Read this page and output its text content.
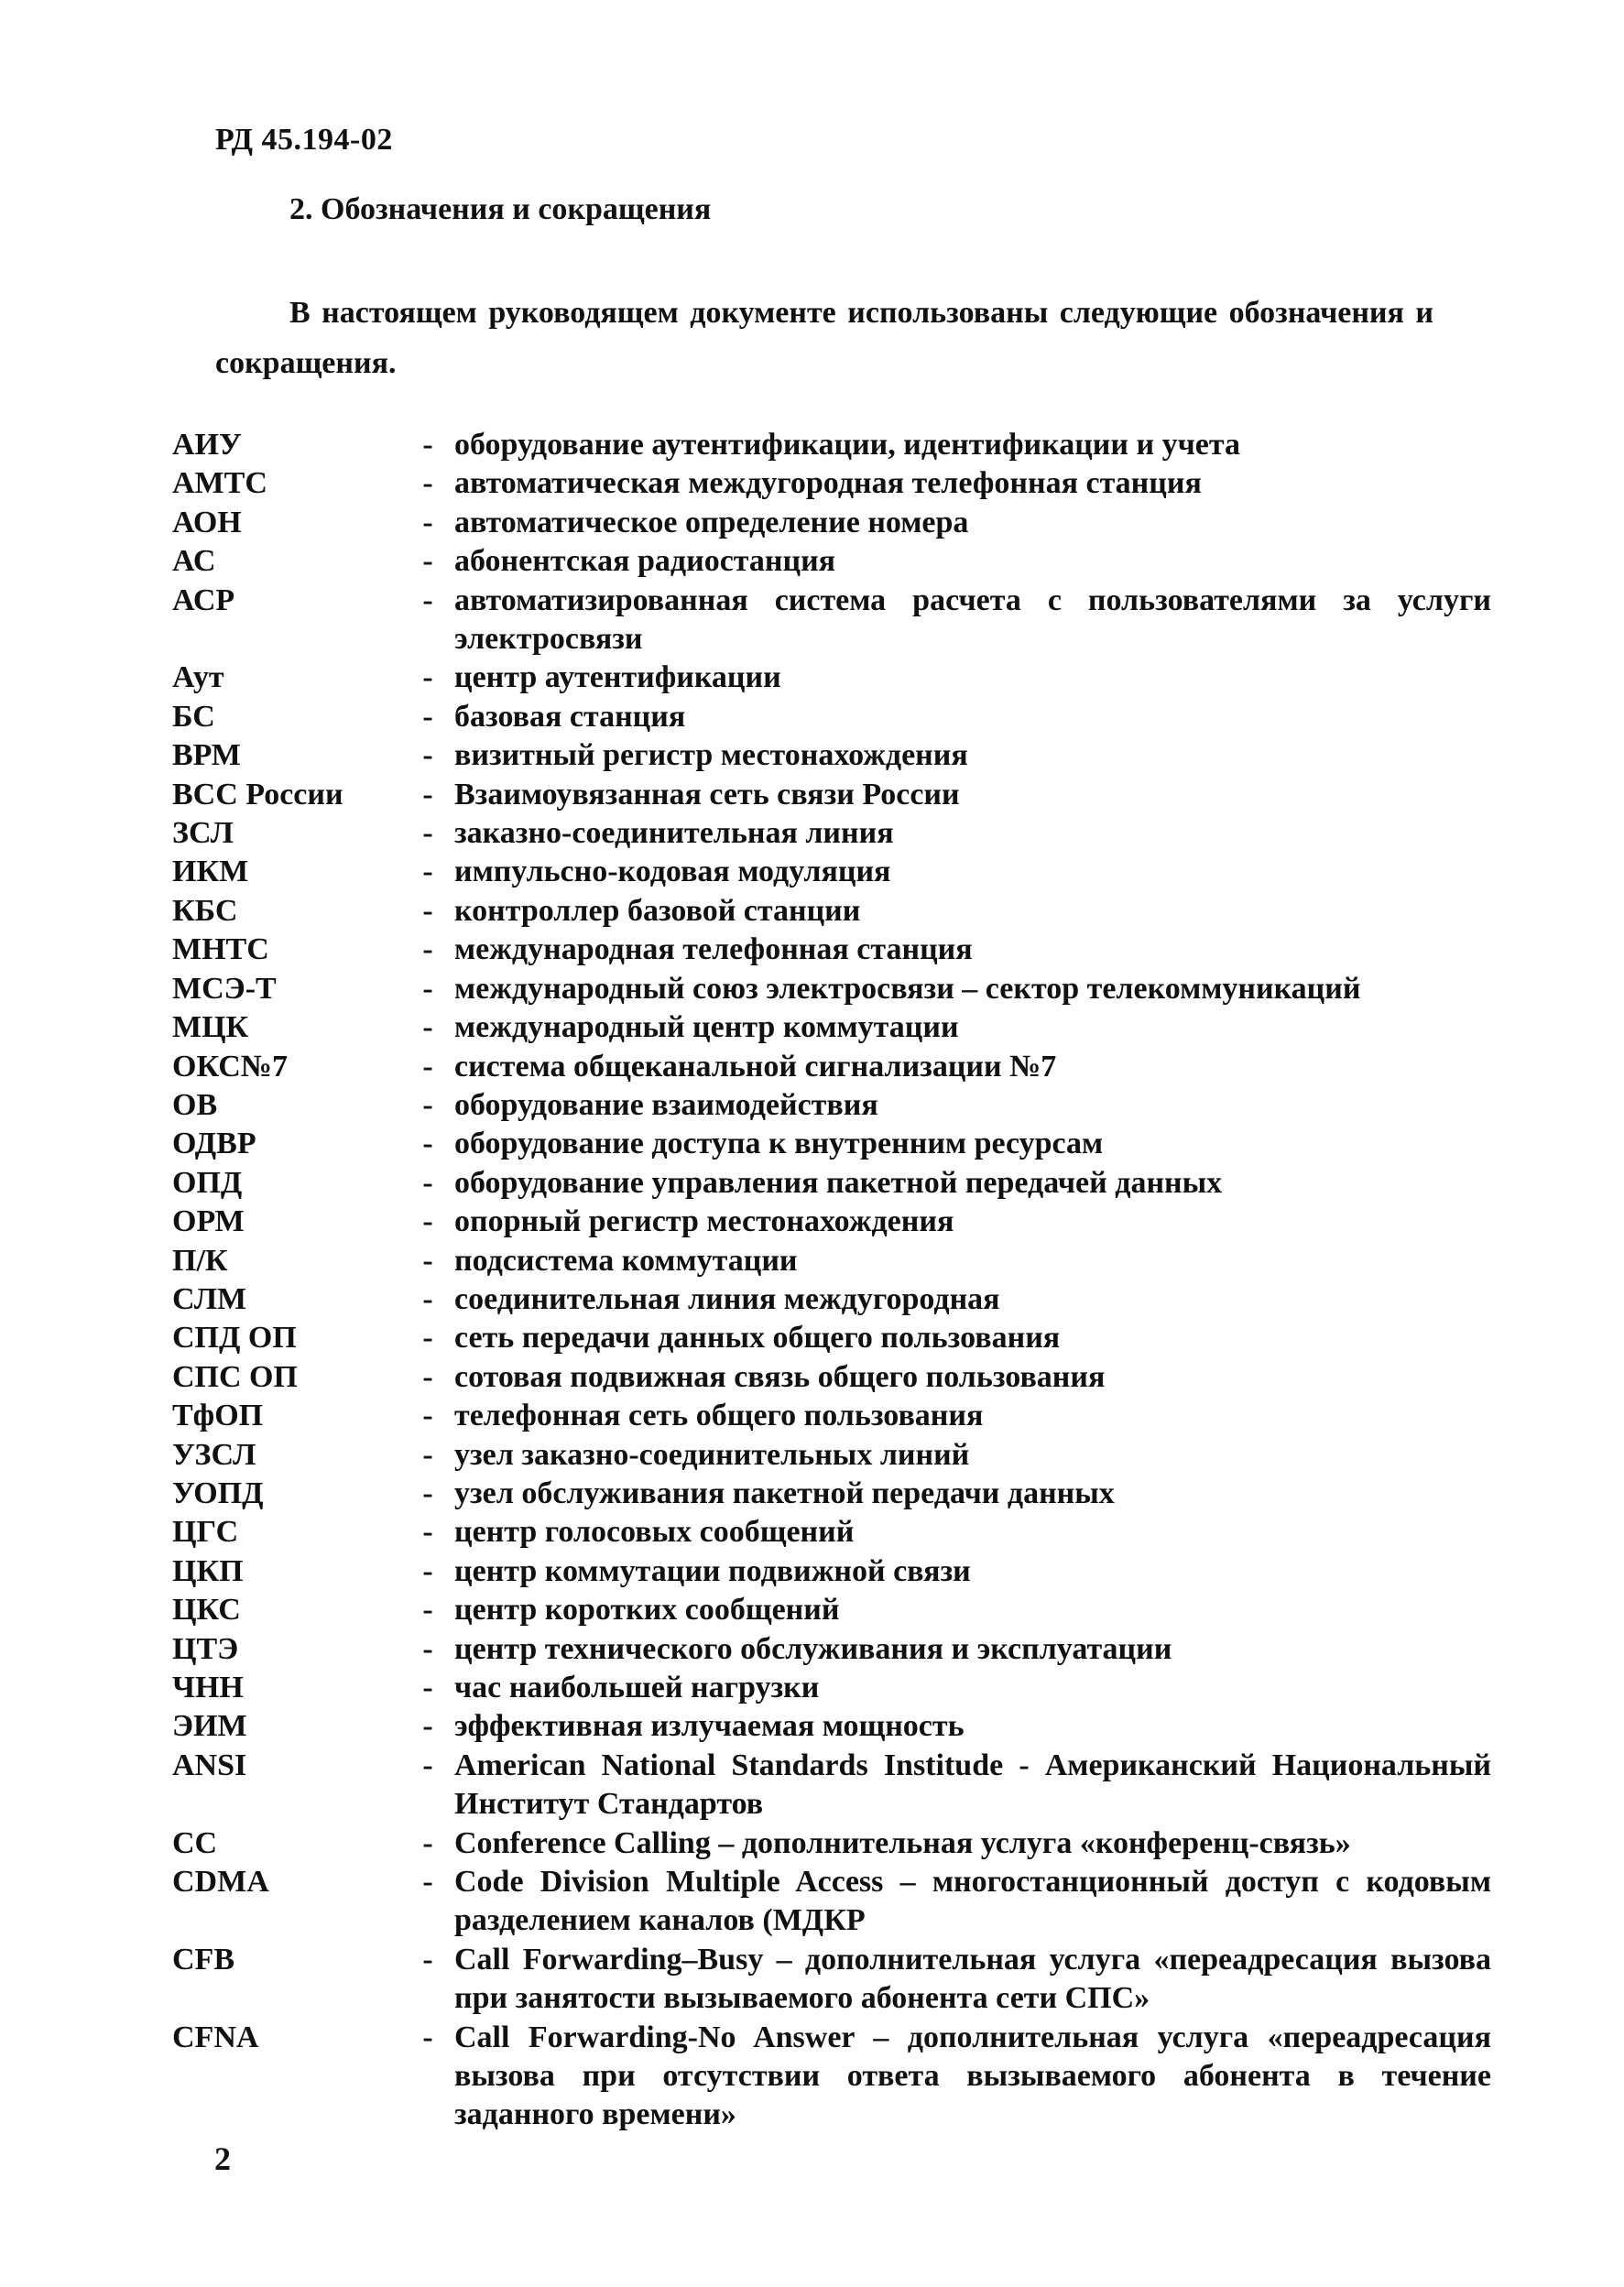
РД 45.194-02
2. Обозначения и сокращения

В настоящем руководящем документе использованы следующие обозначения и сокращения.

АИУ	- оборудование аутентификации, идентификации и учета
АМТС	- автоматическая междугородная телефонная станция
АОН	- автоматическое определение номера
АС	- абонентская радиостанция
АСР	- автоматизированная система расчета с пользователями за услуги электросвязи
Аут	- центр аутентификации
БС	- базовая станция
ВРМ	- визитный регистр местонахождения
ВСС России	- Взаимоувязанная сеть связи России
ЗСЛ	- заказно-соединительная линия
ИКМ	- импульсно-кодовая модуляция
КБС	- контроллер базовой станции
МНТС	- международная телефонная станция
МСЭ-Т	- международный союз электросвязи – сектор телекоммуникаций
МЦК	- международный центр коммутации
ОКС№7	- система общеканальной сигнализации №7
ОВ	- оборудование взаимодействия
ОДВР	- оборудование доступа к внутренним ресурсам
ОПД	- оборудование управления пакетной передачей данных
ОРМ	- опорный регистр местонахождения
П/К	- подсистема коммутации
СЛМ	- соединительная линия междугородная
СПД ОП	- сеть передачи данных общего пользования
СПС ОП	- сотовая подвижная связь общего пользования
ТфОП	- телефонная сеть общего пользования
УЗСЛ	- узел заказно-соединительных линий
УОПД	- узел обслуживания пакетной передачи данных
ЦГС	- центр голосовых сообщений
ЦКП	- центр коммутации подвижной связи
ЦКС	- центр коротких сообщений
ЦТЭ	- центр технического обслуживания и эксплуатации
ЧНН	- час наибольшей нагрузки
ЭИМ	- эффективная излучаемая мощность
ANSI	- American National Standards Institude - Американский Национальный Институт Стандартов
CC	- Conference Calling – дополнительная услуга «конференц-связь»
CDMA	- Code Division Multiple Access – многостанционный доступ с кодовым разделением каналов (МДКР
CFB	- Call Forwarding–Busy – дополнительная услуга «переадресация вызова при занятости вызываемого абонента сети СПС»
CFNA	- Call Forwarding-No Answer – дополнительная услуга «переадресация вызова при отсутствии ответа вызываемого абонента в течение заданного времени»
2
